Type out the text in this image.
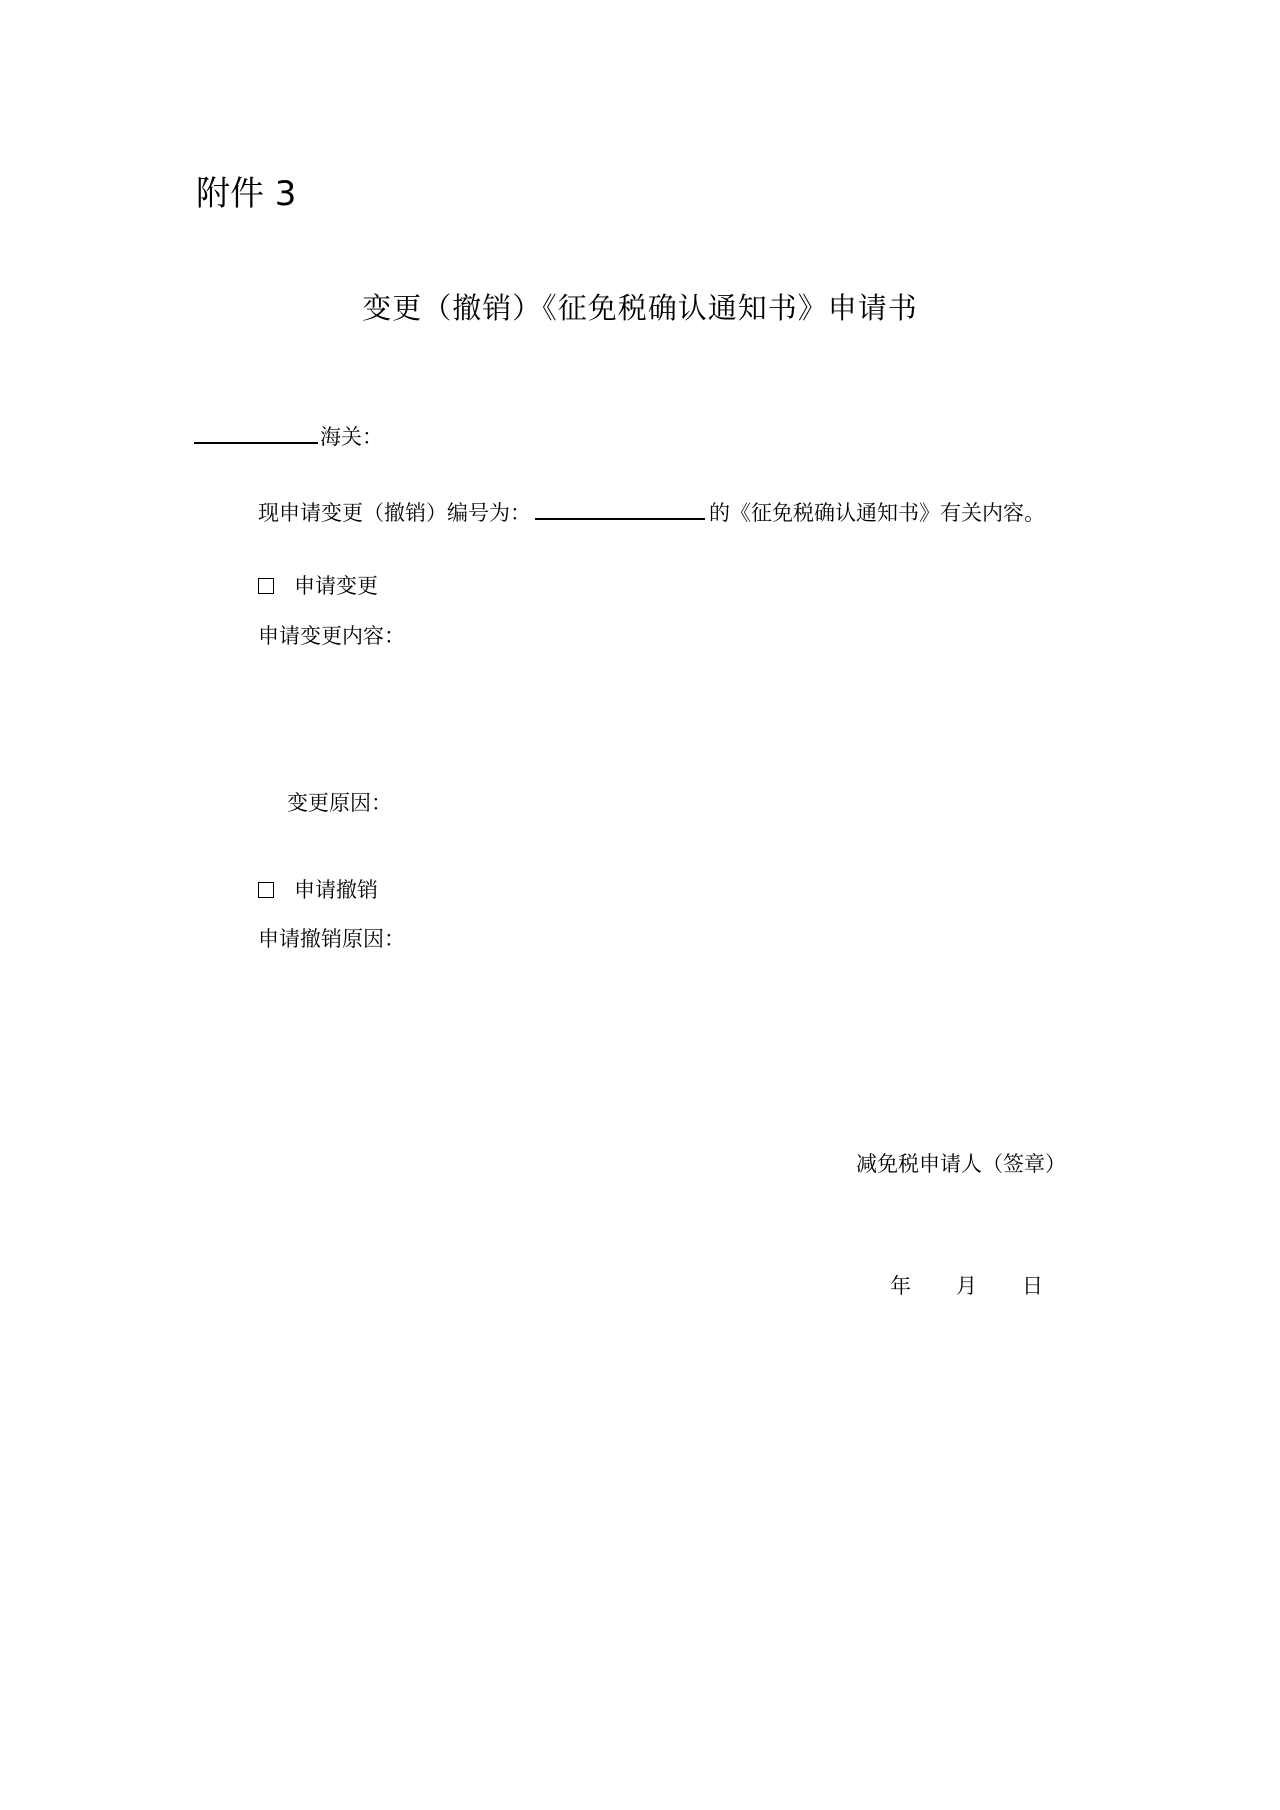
附件 3
变更（撤销）《征免税确认通知书》申请书
海关：
现申请变更（撤销）编号为：	的《征免税确认通知书》有关内容。
申请变更
申请变更内容：
变更原因：
申请撤销
申请撤销原因：
减免税申请人（签章）
年 月 日
